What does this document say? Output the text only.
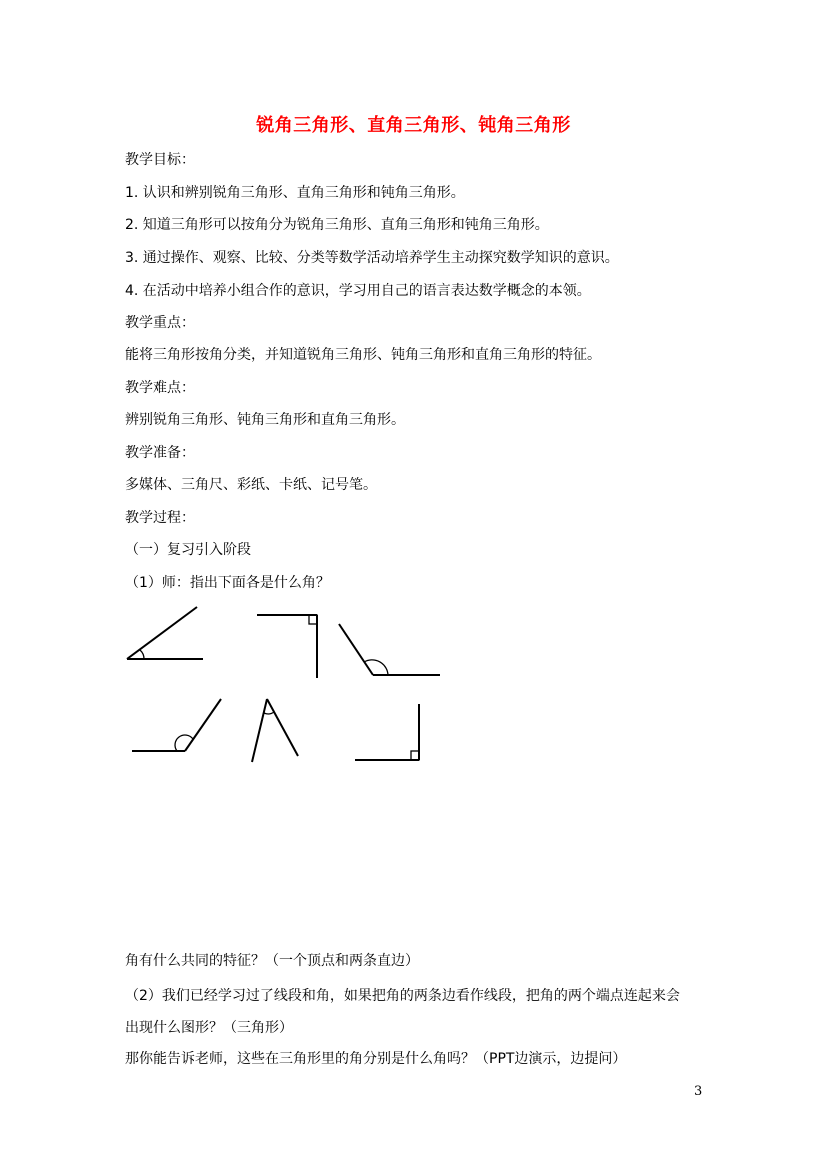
锐角三角形、直角三角形、钝角三角形
教学目标：
1. 认识和辨别锐角三角形、直角三角形和钝角三角形。
2. 知道三角形可以按角分为锐角三角形、直角三角形和钝角三角形。
3. 通过操作、观察、比较、分类等数学活动培养学生主动探究数学知识的意识。
4. 在活动中培养小组合作的意识，学习用自己的语言表达数学概念的本领。
教学重点：
能将三角形按角分类，并知道锐角三角形、钝角三角形和直角三角形的特征。
教学难点：
辨别锐角三角形、钝角三角形和直角三角形。
教学准备：
多媒体、三角尺、彩纸、卡纸、记号笔。
教学过程：
（一）复习引入阶段
（1）师：指出下面各是什么角？
角有什么共同的特征？（一个顶点和两条直边）
（2）我们已经学习过了线段和角，如果把角的两条边看作线段，把角的两个端点连起来会
出现什么图形？（三角形）
那你能告诉老师，这些在三角形里的角分别是什么角吗？（PPT边演示，边提问）
3
